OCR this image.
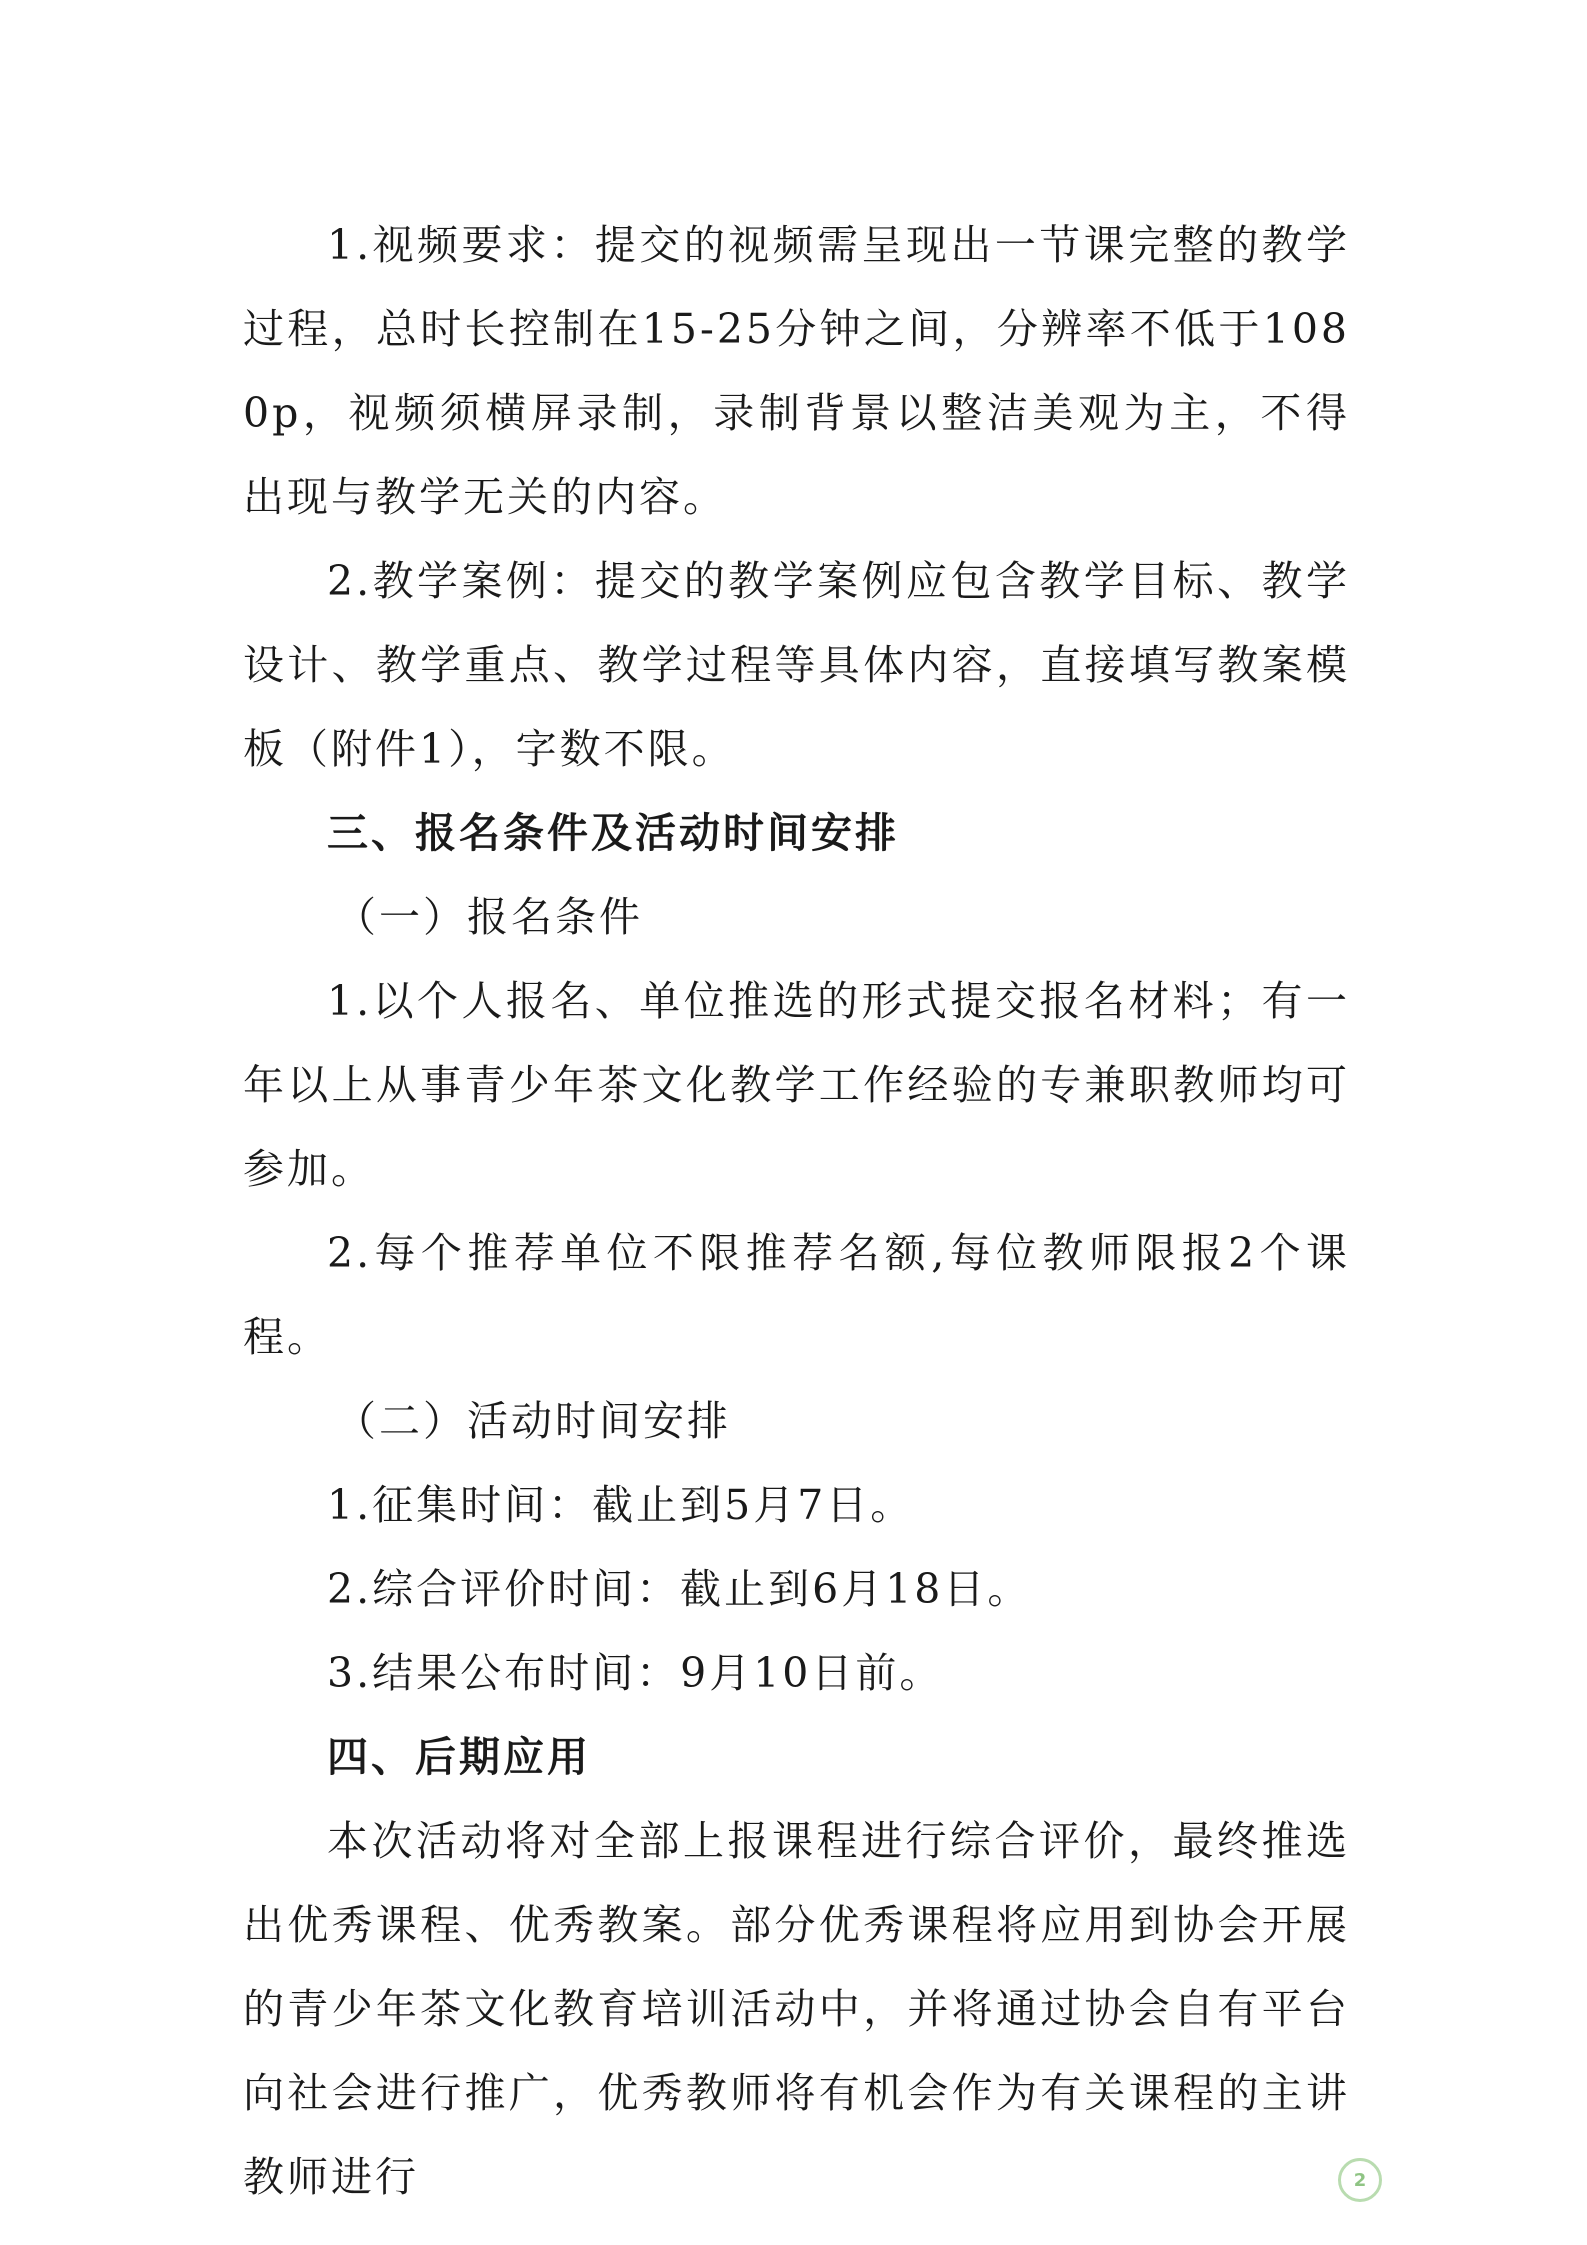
1.视频要求：提交的视频需呈现出一节课完整的教学过程，总时长控制在15-25分钟之间，分辨率不低于1080p，视频须横屏录制，录制背景以整洁美观为主，不得出现与教学无关的内容。

2.教学案例：提交的教学案例应包含教学目标、教学设计、教学重点、教学过程等具体内容，直接填写教案模板（附件1），字数不限。

三、报名条件及活动时间安排

（一）报名条件

1.以个人报名、单位推选的形式提交报名材料；有一年以上从事青少年茶文化教学工作经验的专兼职教师均可参加。

2.每个推荐单位不限推荐名额,每位教师限报2个课程。

（二）活动时间安排

1.征集时间：截止到5月7日。

2.综合评价时间：截止到6月18日。

3.结果公布时间：9月10日前。

四、后期应用

本次活动将对全部上报课程进行综合评价，最终推选出优秀课程、优秀教案。部分优秀课程将应用到协会开展的青少年茶文化教育培训活动中，并将通过协会自有平台向社会进行推广，优秀教师将有机会作为有关课程的主讲教师进行	2
